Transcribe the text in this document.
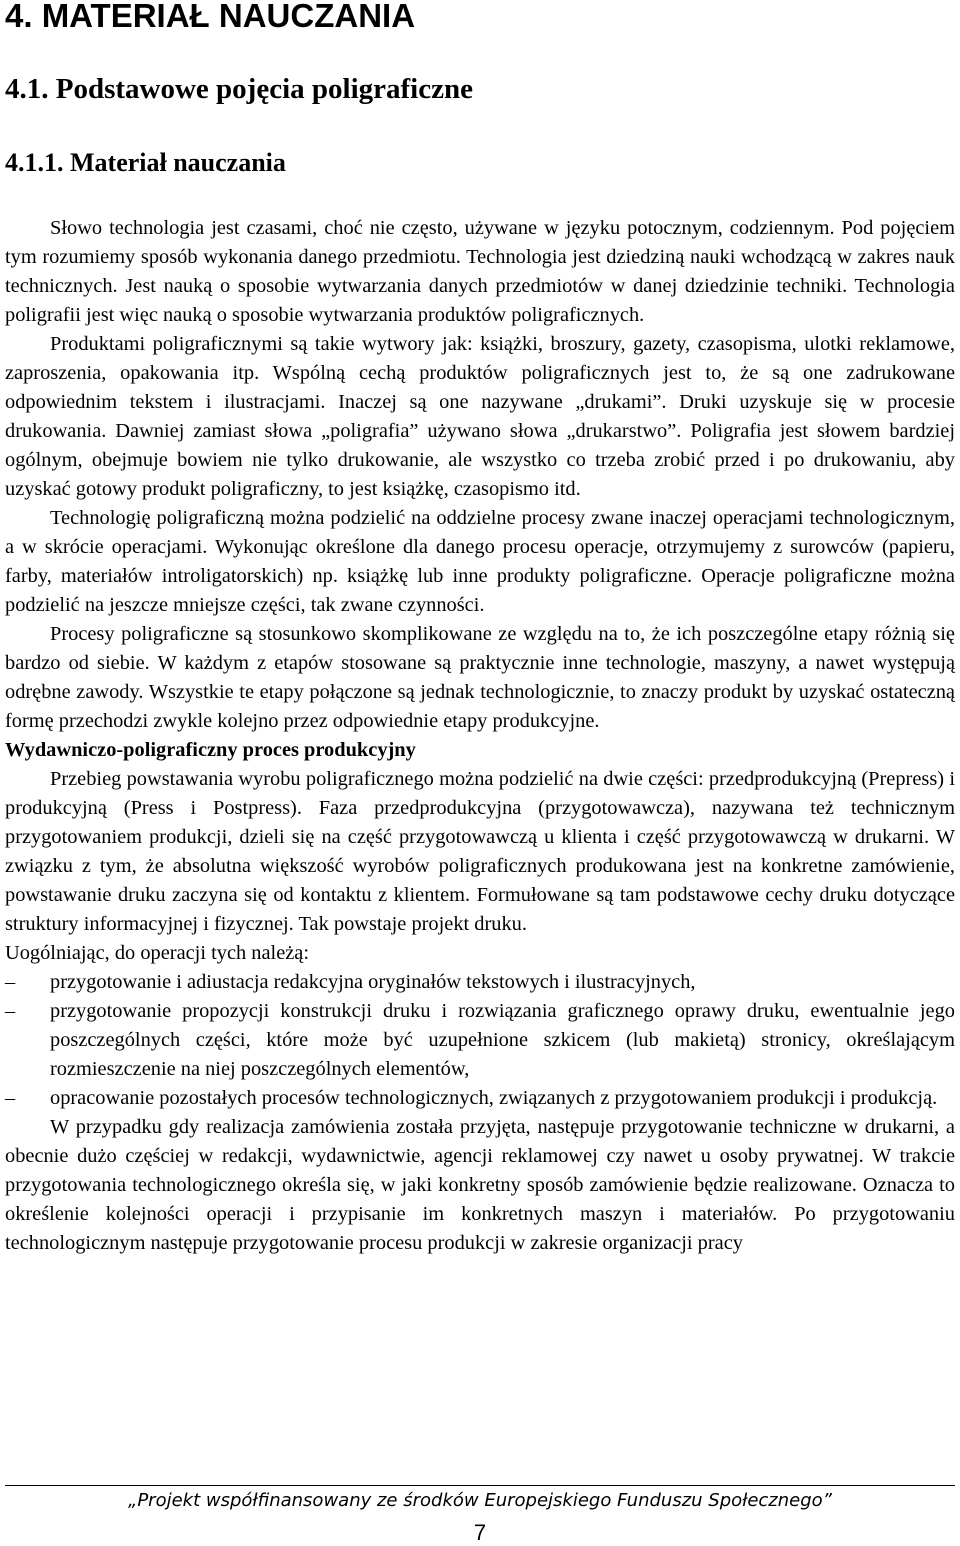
4. MATERIAŁ NAUCZANIA
4.1. Podstawowe pojęcia poligraficzne
4.1.1. Materiał nauczania

Słowo technologia jest czasami, choć nie często, używane w języku potocznym, codziennym. Pod pojęciem tym rozumiemy sposób wykonania danego przedmiotu. Technologia jest dziedziną nauki wchodzącą w zakres nauk technicznych. Jest nauką o sposobie wytwarzania danych przedmiotów w danej dziedzinie techniki. Technologia poligrafii jest więc nauką o sposobie wytwarzania produktów poligraficznych.

Produktami poligraficznymi są takie wytwory jak: książki, broszury, gazety, czasopisma, ulotki reklamowe, zaproszenia, opakowania itp. Wspólną cechą produktów poligraficznych jest to, że są one zadrukowane odpowiednim tekstem i ilustracjami. Inaczej są one nazywane „drukami”. Druki uzyskuje się w procesie drukowania. Dawniej zamiast słowa „poligrafia” używano słowa „drukarstwo”. Poligrafia jest słowem bardziej ogólnym, obejmuje bowiem nie tylko drukowanie, ale wszystko co trzeba zrobić przed i po drukowaniu, aby uzyskać gotowy produkt poligraficzny, to jest książkę, czasopismo itd.

Technologię poligraficzną można podzielić na oddzielne procesy zwane inaczej operacjami technologicznym, a w skrócie operacjami. Wykonując określone dla danego procesu operacje, otrzymujemy z surowców (papieru, farby, materiałów introligatorskich) np. książkę lub inne produkty poligraficzne. Operacje poligraficzne można podzielić na jeszcze mniejsze części, tak zwane czynności.

Procesy poligraficzne są stosunkowo skomplikowane ze względu na to, że ich poszczególne etapy różnią się bardzo od siebie. W każdym z etapów stosowane są praktycznie inne technologie, maszyny, a nawet występują odrębne zawody. Wszystkie te etapy połączone są jednak technologicznie, to znaczy produkt by uzyskać ostateczną formę przechodzi zwykle kolejno przez odpowiednie etapy produkcyjne.

Wydawniczo-poligraficzny proces produkcyjny

Przebieg powstawania wyrobu poligraficznego można podzielić na dwie części: przedprodukcyjną (Prepress) i produkcyjną (Press i Postpress). Faza przedprodukcyjna (przygotowawcza), nazywana też technicznym przygotowaniem produkcji, dzieli się na część przygotowawczą u klienta i część przygotowawczą w drukarni. W związku z tym, że absolutna większość wyrobów poligraficznych produkowana jest na konkretne zamówienie, powstawanie druku zaczyna się od kontaktu z klientem. Formułowane są tam podstawowe cechy druku dotyczące struktury informacyjnej i fizycznej. Tak powstaje projekt druku.

Uogólniając, do operacji tych należą:

–	przygotowanie i adiustacja redakcyjna oryginałów tekstowych i ilustracyjnych,
–	przygotowanie propozycji konstrukcji druku i rozwiązania graficznego oprawy druku, ewentualnie jego poszczególnych części, które może być uzupełnione szkicem (lub makietą) stronicy, określającym rozmieszczenie na niej poszczególnych elementów,
–	opracowanie pozostałych procesów technologicznych, związanych z przygotowaniem produkcji i produkcją.

W przypadku gdy realizacja zamówienia została przyjęta, następuje przygotowanie techniczne w drukarni, a obecnie dużo częściej w redakcji, wydawnictwie, agencji reklamowej czy nawet u osoby prywatnej. W trakcie przygotowania technologicznego określa się, w jaki konkretny sposób zamówienie będzie realizowane. Oznacza to określenie kolejności operacji i przypisanie im konkretnych maszyn i materiałów. Po przygotowaniu technologicznym następuje przygotowanie procesu produkcji w zakresie organizacji pracy

„Projekt współfinansowany ze środków Europejskiego Funduszu Społecznego”
7
